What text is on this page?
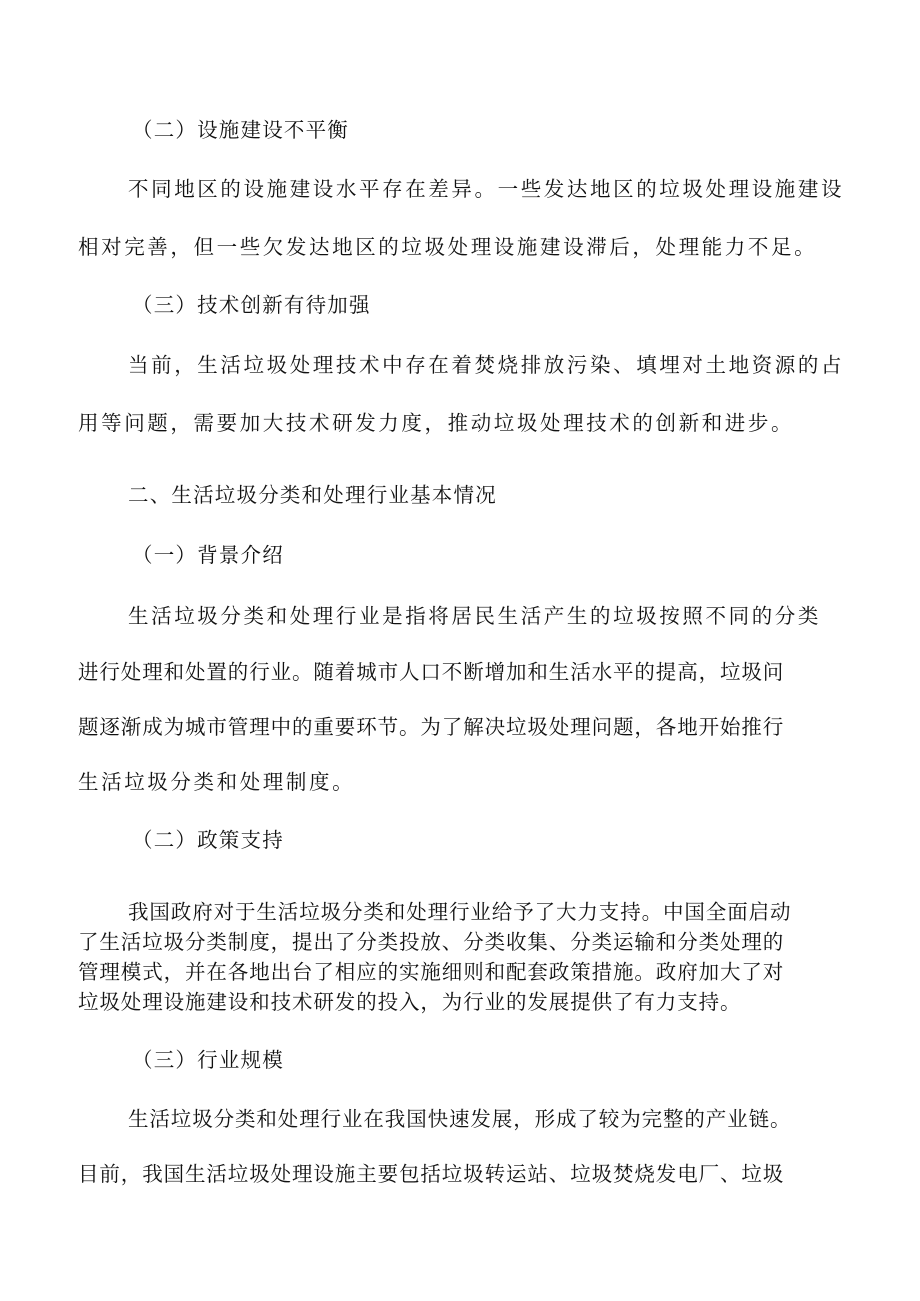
（二）设施建设不平衡
不同地区的设施建设水平存在差异。一些发达地区的垃圾处理设施建设
相对完善，但一些欠发达地区的垃圾处理设施建设滞后，处理能力不足。
（三）技术创新有待加强
当前，生活垃圾处理技术中存在着焚烧排放污染、填埋对土地资源的占
用等问题，需要加大技术研发力度，推动垃圾处理技术的创新和进步。
二、生活垃圾分类和处理行业基本情况
（一）背景介绍
生活垃圾分类和处理行业是指将居民生活产生的垃圾按照不同的分类
进行处理和处置的行业。随着城市人口不断增加和生活水平的提高，垃圾问
题逐渐成为城市管理中的重要环节。为了解决垃圾处理问题，各地开始推行
生活垃圾分类和处理制度。
（二）政策支持
我国政府对于生活垃圾分类和处理行业给予了大力支持。中国全面启动
了生活垃圾分类制度，提出了分类投放、分类收集、分类运输和分类处理的
管理模式，并在各地出台了相应的实施细则和配套政策措施。政府加大了对
垃圾处理设施建设和技术研发的投入，为行业的发展提供了有力支持。
（三）行业规模
生活垃圾分类和处理行业在我国快速发展，形成了较为完整的产业链。
目前，我国生活垃圾处理设施主要包括垃圾转运站、垃圾焚烧发电厂、垃圾
